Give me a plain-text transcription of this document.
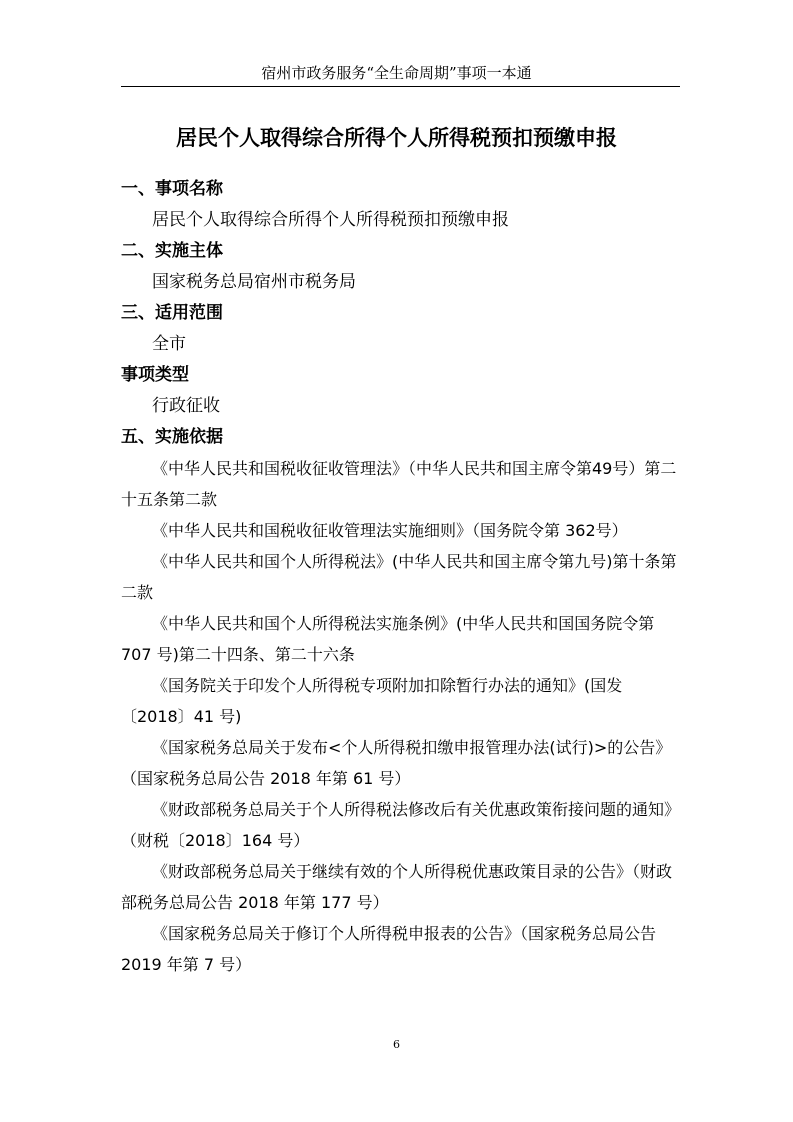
宿州市政务服务“全生命周期”事项一本通
居民个人取得综合所得个人所得税预扣预缴申报
一、事项名称
居民个人取得综合所得个人所得税预扣预缴申报
二、实施主体
国家税务总局宿州市税务局
三、适用范围
全市
事项类型
行政征收
五、实施依据

《中华人民共和国税收征收管理法》（中华人民共和国主席令第49号）第二十五条第二款

《中华人民共和国税收征收管理法实施细则》（国务院令第 362号）

《中华人民共和国个人所得税法》(中华人民共和国主席令第九号)第十条第二款

《中华人民共和国个人所得税法实施条例》(中华人民共和国国务院令第 707 号)第二十四条、第二十六条

《国务院关于印发个人所得税专项附加扣除暂行办法的通知》(国发〔2018〕41 号)

《国家税务总局关于发布<个人所得税扣缴申报管理办法(试行)>的公告》（国家税务总局公告 2018 年第 61 号）

《财政部税务总局关于个人所得税法修改后有关优惠政策衔接问题的通知》（财税〔2018〕164 号）

《财政部税务总局关于继续有效的个人所得税优惠政策目录的公告》（财政部税务总局公告 2018 年第 177 号）

《国家税务总局关于修订个人所得税申报表的公告》（国家税务总局公告 2019 年第 7 号）

6
